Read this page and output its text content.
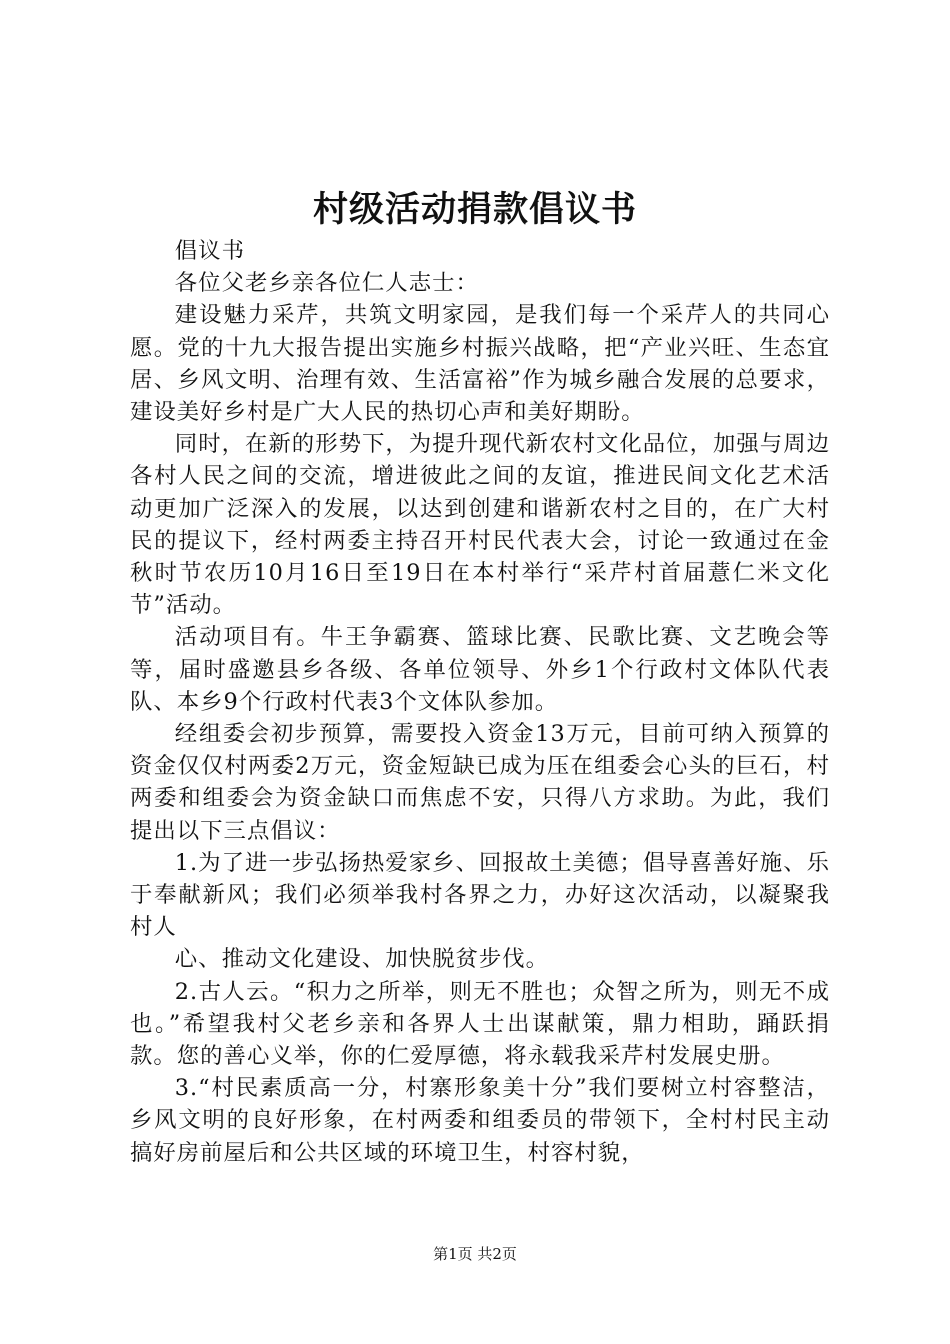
村级活动捐款倡议书

倡议书

各位父老乡亲各位仁人志士：

建设魅力采芹，共筑文明家园，是我们每一个采芹人的共同心愿。党的十九大报告提出实施乡村振兴战略，把“产业兴旺、生态宜居、乡风文明、治理有效、生活富裕”作为城乡融合发展的总要求，建设美好乡村是广大人民的热切心声和美好期盼。

同时，在新的形势下，为提升现代新农村文化品位，加强与周边各村人民之间的交流，增进彼此之间的友谊，推进民间文化艺术活动更加广泛深入的发展，以达到创建和谐新农村之目的，在广大村民的提议下，经村两委主持召开村民代表大会，讨论一致通过在金秋时节农历10月16日至19日在本村举行“采芹村首届薏仁米文化节”活动。

活动项目有。牛王争霸赛、篮球比赛、民歌比赛、文艺晚会等等，届时盛邀县乡各级、各单位领导、外乡1个行政村文体队代表队、本乡9个行政村代表3个文体队参加。

经组委会初步预算，需要投入资金13万元，目前可纳入预算的资金仅仅村两委2万元，资金短缺已成为压在组委会心头的巨石，村两委和组委会为资金缺口而焦虑不安，只得八方求助。为此，我们提出以下三点倡议：

1.为了进一步弘扬热爱家乡、回报故土美德；倡导喜善好施、乐于奉献新风；我们必须举我村各界之力，办好这次活动，以凝聚我村人

心、推动文化建设、加快脱贫步伐。

2.古人云。“积力之所举，则无不胜也；众智之所为，则无不成也。”希望我村父老乡亲和各界人士出谋献策，鼎力相助，踊跃捐款。您的善心义举，你的仁爱厚德，将永载我采芹村发展史册。

3.“村民素质高一分，村寨形象美十分”我们要树立村容整洁，乡风文明的良好形象，在村两委和组委员的带领下，全村村民主动搞好房前屋后和公共区域的环境卫生，村容村貌，

第1页 共2页
